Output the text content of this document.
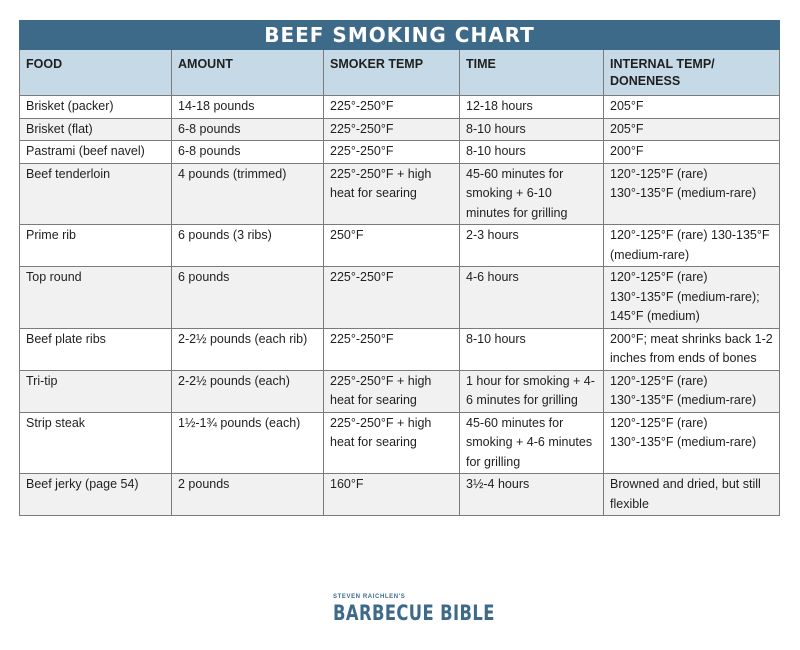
BEEF SMOKING CHART				
FOOD	AMOUNT	SMOKER TEMP	TIME	INTERNAL TEMP/ DONENESS
Brisket (packer)	14-18 pounds	225°-250°F	12-18 hours	205°F
Brisket (flat)	6-8 pounds	225°-250°F	8-10 hours	205°F
Pastrami (beef navel)	6-8 pounds	225°-250°F	8-10 hours	200°F
Beef tenderloin	4 pounds (trimmed)	225°-250°F + high heat for searing	45-60 minutes for smoking + 6-10 minutes for grilling	120°-125°F (rare) 130°-135°F (medium-rare)
Prime rib	6 pounds (3 ribs)	250°F	2-3 hours	120°-125°F (rare) 130-135°F (medium-rare)
Top round	6 pounds	225°-250°F	4-6 hours	120°-125°F (rare) 130°-135°F (medium-rare); 145°F (medium)
Beef plate ribs	2-2½ pounds (each rib)	225°-250°F	8-10 hours	200°F; meat shrinks back 1-2 inches from ends of bones
Tri-tip	2-2½ pounds (each)	225°-250°F + high heat for searing	1 hour for smoking + 4-6 minutes for grilling	120°-125°F (rare) 130°-135°F (medium-rare)
Strip steak	1½-1¾ pounds (each)	225°-250°F + high heat for searing	45-60 minutes for smoking + 4-6 minutes for grilling	120°-125°F (rare) 130°-135°F (medium-rare)
Beef jerky (page 54)	2 pounds	160°F	3½-4 hours	Browned and dried, but still flexible
STEVEN RAICHLEN'S
BARBECUE BIBLE
